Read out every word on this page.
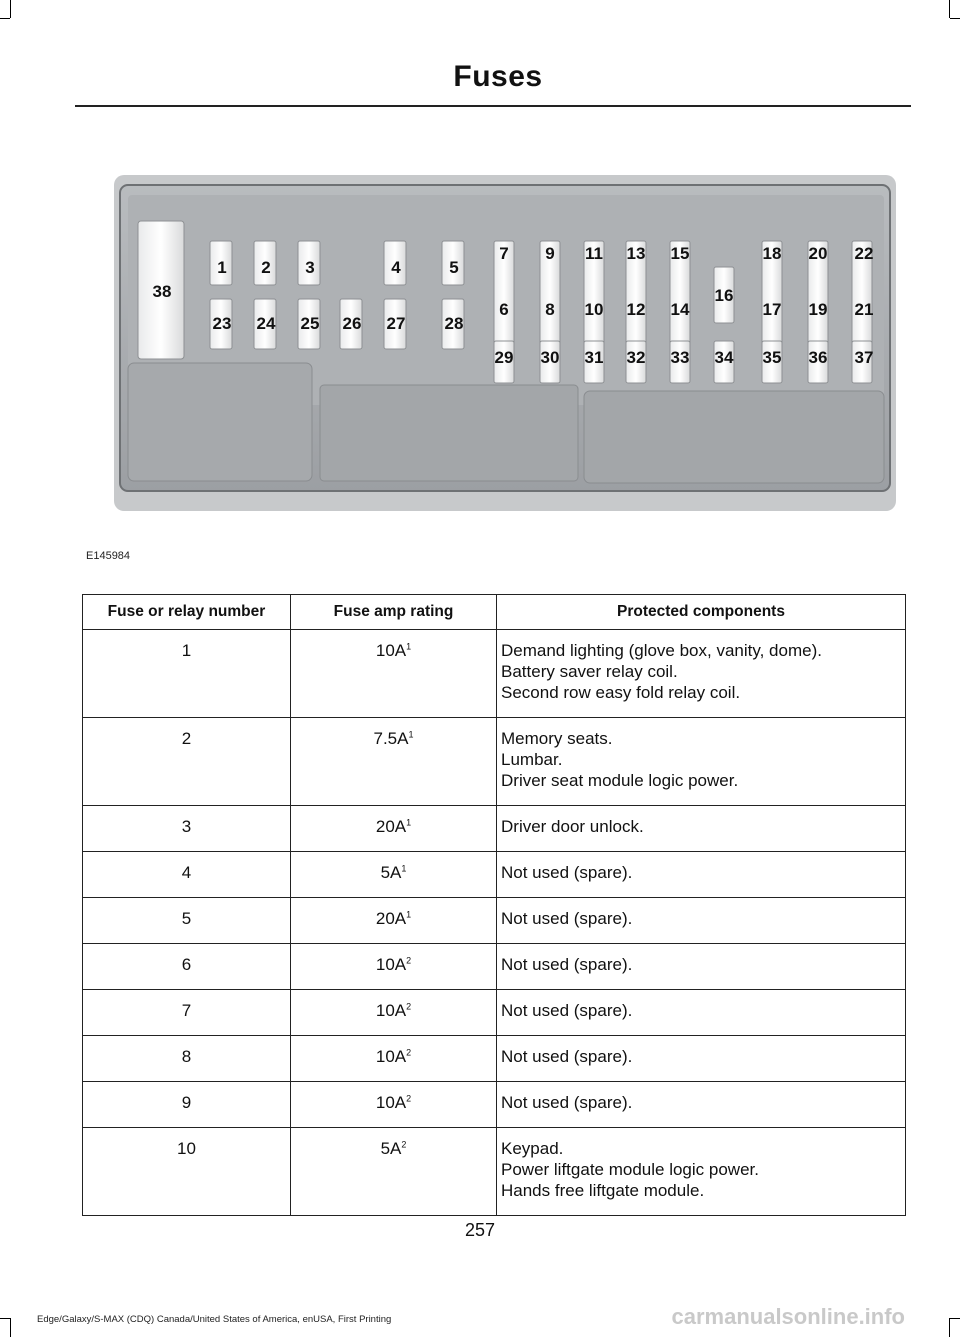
Fuses
38
1 2 3	4	5
7 9 11 13 15	18 20 22
16
23 24 25 26 27 28
6 8 10 12 14	17 19 21
29 30 31 32 33 34 35 36 37
E145984
Fuse or relay number	Fuse amp rating	Protected components
1	$10A^1$	Demand lighting (glove box, vanity, dome).
Battery saver relay coil.
Second row easy fold relay coil.

2	$7.5A^1$	Memory seats.
Lumbar.
Driver seat module logic power.

3	$20A^1$	Driver door unlock.

4	$5A^1$	Not used (spare).

5	$20A^1$	Not used (spare).

6	$10A^2$	Not used (spare).

7	$10A^2$	Not used (spare).

8	$10A^2$	Not used (spare).

9	$10A^2$	Not used (spare).

10	$5A^2$	Keypad.
Power liftgate module logic power.
Hands free liftgate module.
257
Edge/Galaxy/S-MAX (CDQ) Canada/United States of America, enUSA, First Printing	carmanualsonline.info
